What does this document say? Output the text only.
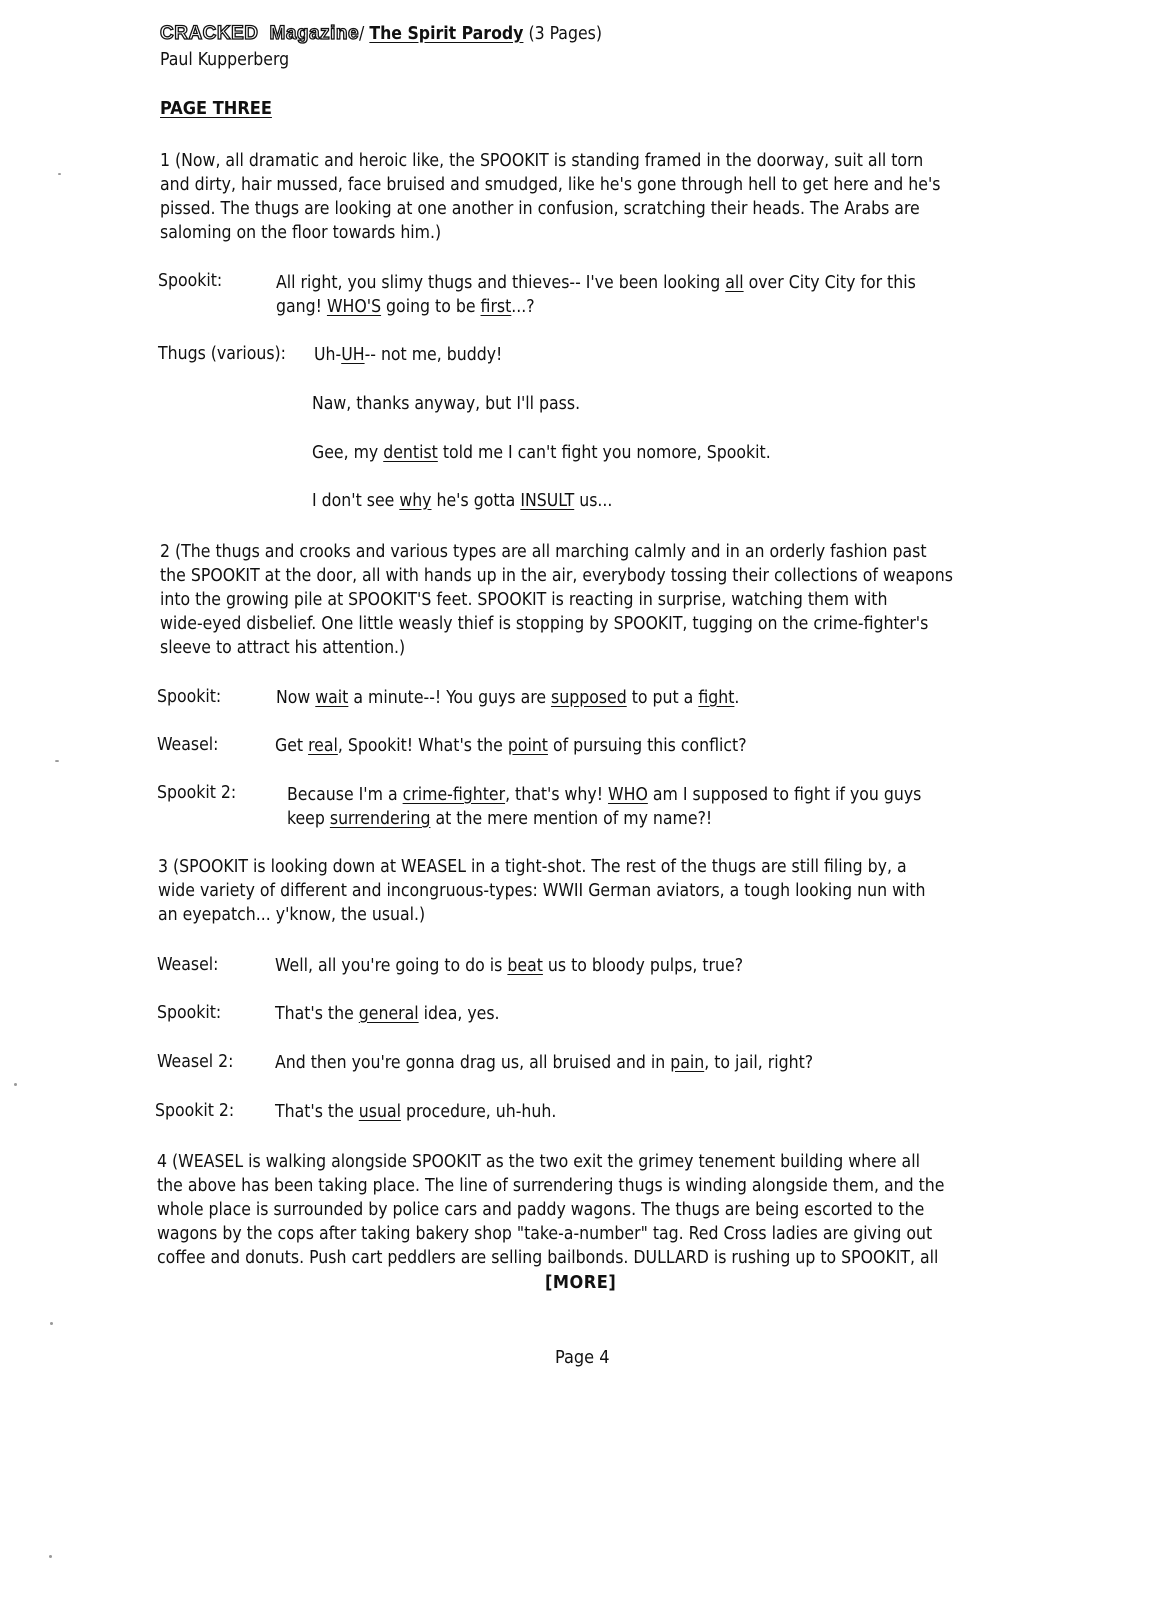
CRACKED Magazine/ The Spirit Parody (3 Pages)
Paul Kupperberg
PAGE THREE
1 (Now, all dramatic and heroic like, the SPOOKIT is standing framed in the doorway, suit all torn
and dirty, hair mussed, face bruised and smudged, like he's gone through hell to get here and he's
pissed. The thugs are looking at one another in confusion, scratching their heads. The Arabs are
saloming on the floor towards him.)
Spookit:	All right, you slimy thugs and thieves-- I've been looking all over City City for this
gang! WHO'S going to be first...?
Thugs (various): Uh-UH-- not me, buddy!
Naw, thanks anyway, but I'll pass.
Gee, my dentist told me I can't fight you nomore, Spookit.
I don't see why he's gotta INSULT us...
2 (The thugs and crooks and various types are all marching calmly and in an orderly fashion past
the SPOOKIT at the door, all with hands up in the air, everybody tossing their collections of weapons
into the growing pile at SPOOKIT'S feet. SPOOKIT is reacting in surprise, watching them with
wide-eyed disbelief. One little weasly thief is stopping by SPOOKIT, tugging on the crime-fighter's
sleeve to attract his attention.)
Spookit:	Now wait a minute--! You guys are supposed to put a fight.
Weasel:	Get real, Spookit! What's the point of pursuing this conflict?
Spookit 2:	Because I'm a crime-fighter, that's why! WHO am I supposed to fight if you guys
keep surrendering at the mere mention of my name?!
3 (SPOOKIT is looking down at WEASEL in a tight-shot. The rest of the thugs are still filing by, a
wide variety of different and incongruous-types: WWII German aviators, a tough looking nun with
an eyepatch... y'know, the usual.)
Weasel:	Well, all you're going to do is beat us to bloody pulps, true?
Spookit:	That's the general idea, yes.
Weasel 2: And then you're gonna drag us, all bruised and in pain, to jail, right?
Spookit 2: That's the usual procedure, uh-huh.
4 (WEASEL is walking alongside SPOOKIT as the two exit the grimey tenement building where all
the above has been taking place. The line of surrendering thugs is winding alongside them, and the
whole place is surrounded by police cars and paddy wagons. The thugs are being escorted to the
wagons by the cops after taking bakery shop "take-a-number" tag. Red Cross ladies are giving out
coffee and donuts. Push cart peddlers are selling bailbonds. DULLARD is rushing up to SPOOKIT, all
[MORE]
Page 4
